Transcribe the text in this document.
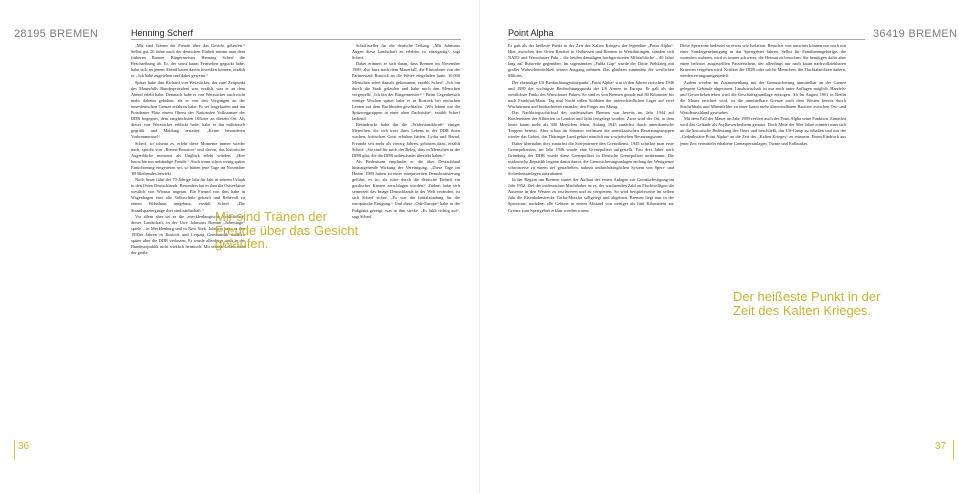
28195 BREMEN	Henning Scherf

„Mir sind Tränen der Freude über das Gesicht gelaufen.“ Selbst gut 20 Jahre nach der deutschen Einheit nimmt man dem früheren Bremer Bürgermeister Henning Scherf die Beschreibung ab. Er, der sonst kaum Fernsehen geguckt habe, habe sich an jenem Abend kaum davon losreißen können, erzählt er. „Ich habe zugesehen und dabei geweint.“

Später habe ihm Richard von Weizsäcker, der zum Zeitpunkt des Mauerfalls Bundespräsident war, erzählt, was er an dem Abend erlebt habe. Demnach habe er von Weizsäcker auch nicht mehr daheim gehalten, als er von den Vorgängen an der innerdeutschen Grenze erfahren habe. Er sei losgelaufen und am Potsdamer Platz einem Oberst der Nationalen Volksarmee der DDR begegnet, dem ranghöchsten Offizier an diesem Ort. Als dieser von Weizsäcker erblickt habe, habe er ihn militärisch gegrüßt und Meldung erstattet: „Keine besonderen Vorkommnisse!“

Scherf, so scheint es, erlebt diese Momente immer wieder nach, spricht von „Riesen-Emotion“ und davon, das historische Augenblicke meistens als Unglück erlebt würden. „Hier herrschte nur unbändige Freude.“ Auch wenn schon wenig später Ernüchterung eingetreten sei, so hätten jene Tage im November '89 Bleibendes bewirkt.

Noch heute führt der 70-Jährige Jahr für Jahr in seinem Urlaub in den Osten Deutschlands. Besonders hat es ihm die Ostseeküste westlich von Wismar angetan. Ein Freund von ihm habe in Wagenhagen eine alte Volksschule gekauft und Rebevoll zu einem Wohnhaus umgebaut, erzählt Scherf. „Die Strandspaziergänge dort sind zauberhaft.“

Vor allem aber sei es die „mecklenburgische Schlichtheit“ dieser Landschaft, in der Uwe Johnsons Roman „Jahrestage“ spiele – in Mecklenburg und in New York. Johnson hatte in den 1950er Jahren in Rostock und Leipzig Germanistik studiert, später aber die DDR verlassen. Er wurde allerdings auch in der Bundesrepublik nicht wirklich heimisch. Mit seinem Leben steht der große

Schriftsteller für die deutsche Teilung. „Mit Johnsons Augen diese Landschaft zu erleben, ist einzigartig“, sagt Scherf.

Dabei erinnert er sich daran, dass Bremen im November 1989, also kurz nach dem Mauerfall, die Einwohner von der Partnerstadt Rostock an die Weser eingeladen hatte. 10.000 Menschen seien damals gekommen, erzählt Scherf. „Ich bin durch die Stadt gelaufen und habe mich den Menschen vorgestellt: ‚Ich bin der Bürgermeister!‘“ Beim Gegenbesuch wenige Wochen später habe er in Rostock bei einfachen Leuten auf dem Buchboden geschlafen. „Wir lebten wie die Spitzweggruppen in einer alten Dachstube“, erzählt Scherf lachend.

Beeindruckt habe ihn die „Widerstandskraft“ einiger Menschen, die sich trotz ihres Lebens in der DDR ihren wachen, kritischen Geist erhalten hätten. Lydia und Bernd, Freunde seit mehr als vierzig Jahren, gehörten dazu, erzählt Scherf. „Sie sind für mich der Beleg, dass es Menschen in der DDR gibt, die die DDR unbeschadet überlebt haben.“

Als Bedeutsam empfindet er die über Deutschland hinausgehende Wirkung der Vereinigung. „Diese Tage im Herbst 1989 haben zu einer europaweiten Demokratisierung geführt, es ist, als wäre durch die deutsche Einheit ein gordischer Knoten zerschlagen worden.“ Zudem habe sich seinerzeit das Image Deutschlands in der Welt verändert, ist sich Scherf sicher. „Es war die Initialzündung für die europäische Einigung.“ Und diese „Ode-Europe“ habe in der Fußgänzt gezeigt, was in ihm stecke. „Es fühlt richtig auf“, sagt Scherf.

Mir sind Tränen der Freude über das Gesicht gelaufen.
36
Point Alpha	36419 BREMEN

Er galt als der heißeste Punkt in der Zeit des Kalten Krieges: der legendäre „Point Alpha“. Hier, zwischen den Orten Rasdorf in Osthessen und Bremen in Westthüringen, standen sich NATO und Warschauer Pakt – die beiden damaligen hochgerüsteten Militärblöcke – 40 Jahre lang auf Ruhweite gegenüber. Im sogenannten „Fulda Gap“ würde der Dritte Weltkrieg mit großer Wahrscheinlichkeit seinen Ausgang nehmen. Das glaubten zumindest die westlichen Militärs.

Der ehemalige US-Beobachtungsstützpunkt „Point Alpha“ war in den Jahren zwischen 1946 und 1989 der wichtigste Beobachtungspunkt der US Armee in Europa. Er galt als der westlichste Punkt des Warschauer Paktes. So sind es von Bremen gerade mal 80 Kilometer bis nach Frankfurt/Main. Tag und Nacht saßen Soldaten der unterschiedlichen Lager auf zwei Wachtürmen und beobachteten einander, den Finger am Abzug.

Das Nachkriegsschicksal des ostdeutschen Bremen war bereits im Jahr 1944 auf Konferenzen der Alliierten in London und Jalta festgelegt worden. Zwar wird der Ort, in dem heute kaum mehr als 300 Menschen leben, Anfang 1945 zunächst durch amerikanische Truppen besetzt. Aber schon im Sommer verlassen die amerikanischen Besatzungstruppen wieder das Gebiet, das Thüringer Land gehört nämlich zur sowjetischen Besatzungszone.

Daher übernahm dort zunächst die Sowjetarmee den Grenzdienst. 1945 schickte man erste Grenzpolizisten, im Jahr 1946 wurde eine Grenzpolizei aufgestellt. Fast drei Jahre nach Gründung der DDR wurde diese Grenzpolizei in Deutsche Grenzpolizei umbenannt. Die ostdeutsche Republik begann damit damit, die Grenzsicherungsanlagen entlang der Westgrenze schrittweise zu einem tief gestaffelten, nahezu undurchdringlichen System von Sperr- und Sicherheitsanlagen auszubauen.

In der Region um Bremen startet der Aufbau der ersten Anlagen zur Grenzbefestigung im Jahr 1952. Ziel der ostdeutschen Machthaber ist es, der wachsenden Zahl an Fluchtwilligen die Ausreise in den Westen zu erschweren und zu versperren. So wird beispielsweise im selben Jahr die Eisenbahnstrecke Vacha-Motzlar stillgelegt und abgebaut. Bremen liegt nun in der Sperrzone, nachdem alle Gebiete in einem Abstand von weniger als fünf Kilometern zur Grenze zum Sperrgebiet erklärt worden waren.

Diese Sperrzone bedeutet so etwas wie Isolation. Besucher von auswärts können nur noch mit einer Sondergenehmigung in das Sperrgebiet fahren. Selbst für Familienangehörige, die woanders wohnen, wird es immer schwerer, die Heimat zu besuchen. Sie benötigen dafür aber einen befristet ausgestellten Passierschein, der allerdings nur nach kaum nachvollziehbaren Kriterien vergeben wird. Kritiker der DDR oder solche Menschen, die Fluchtabsichten äußern, werden zwangsumgesiedelt.

Zudem werden im Zusammenhang mit der Grenzsicherung unmittelbar an der Grenze gelegene Gebäude abgerissen. Landwirtschaft ist nur noch unter Auflagen möglich. Handels- und Gewerbebetrieben wird die Geschäftsgrundlage entzogen. Ab Im August 1961 in Berlin die Mauer errichtet wird, ist die unmittelbare Grenze nach dem Westen bereits durch Stacheldraht und Minenfelder zu einer kaum mehr überwindbaren Barriere zwischen Ost- und Westdeutschland geworden.

Mit dem Fall der Mauer im Jahr 1989 verliert auch der Point Alpha seine Funktion. Zunächst wird das Gelände als Asylbewerberheim genutzt. Doch Mitte der 90er Jahre erinnert man sich an die historische Bedeutung des Ortes und beschließt, das US-Camp zu erhalten und mit der „Gedenkstätte Point Alpha“ an die Zeit des „Kalten Krieges“ zu erinnern. Einen Eindruck aus jener Zeit vermitteln erhaltene Grenzsperranlagen, Türme und Erdbunker.

Der heißeste Punkt in der Zeit des Kalten Krieges.
37
